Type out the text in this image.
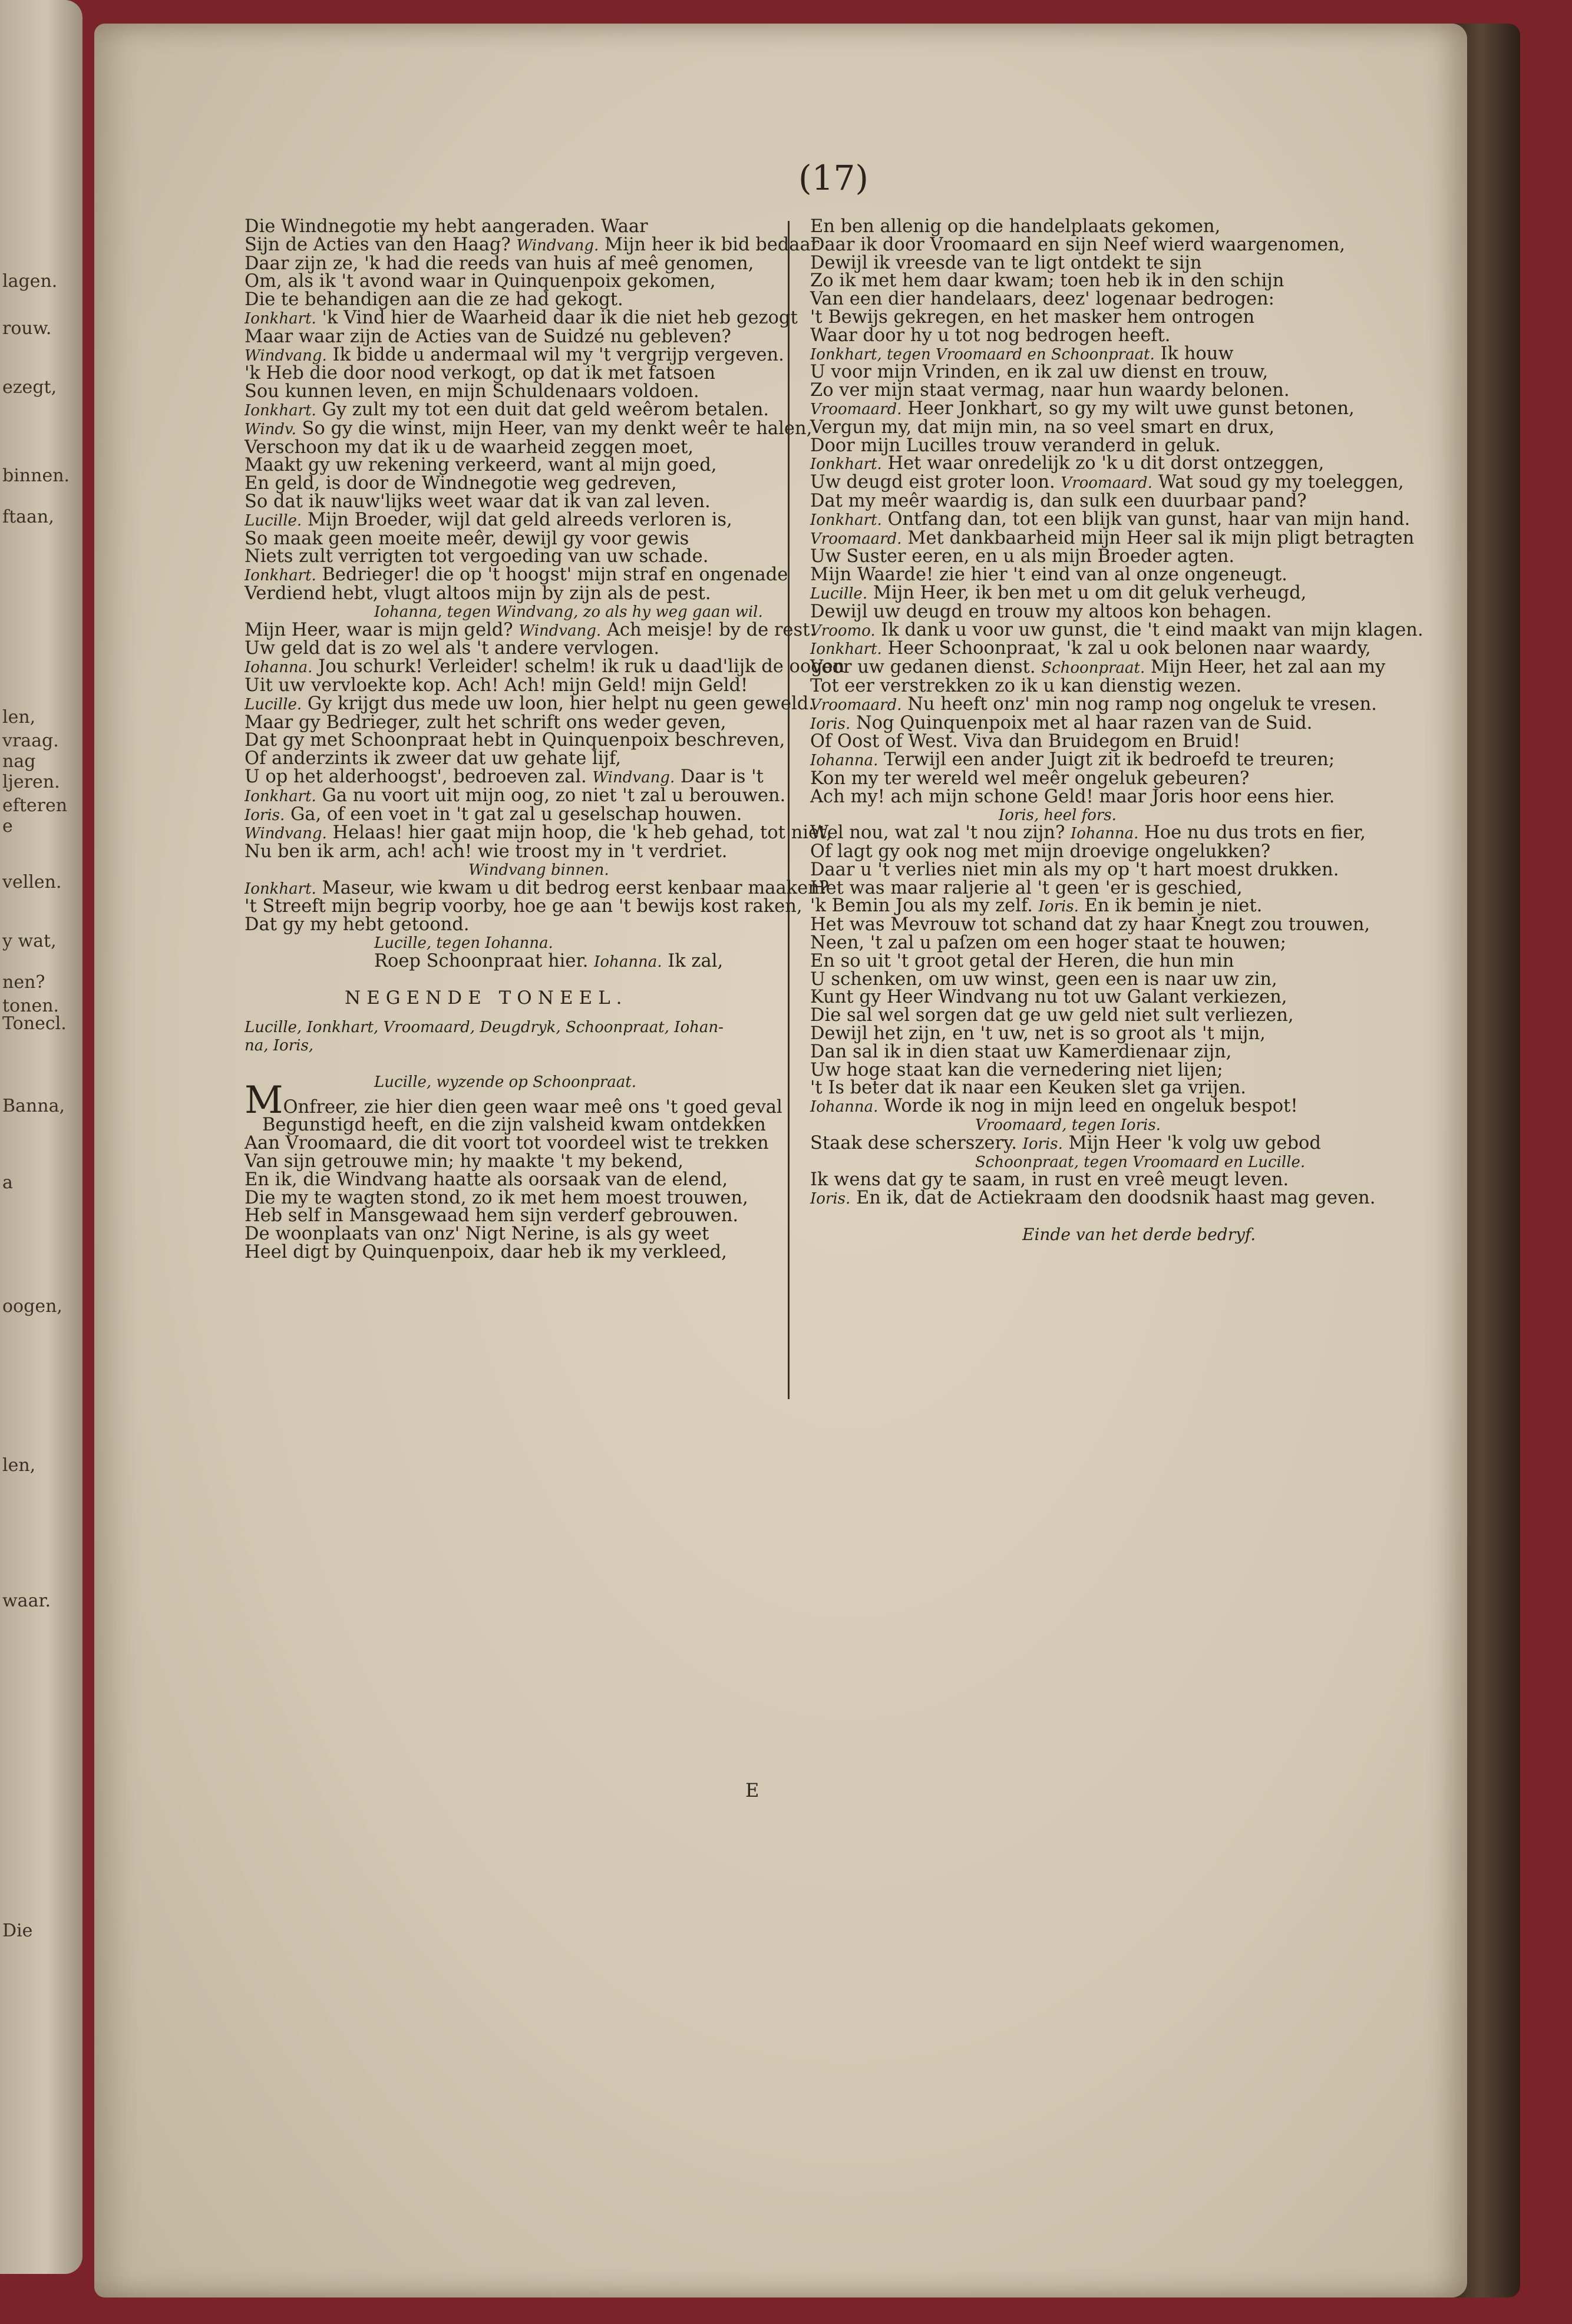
lagen.
rouw.
ezegt,
binnen.
ftaan,
len,
vraag.
nag
ljeren.
efteren
e
vellen.
y wat,
nen?
tonen.
Tonecl.
Banna,
a
oogen,
len,
waar.
Die
(17)
Die Windnegotie my hebt aangeraden. Waar
Sijn de Acties van den Haag? Windvang. Mijn heer ik bid bedaar
Daar zijn ze, 'k had die reeds van huis af meê genomen,
Om, als ik 't avond waar in Quinquenpoix gekomen,
Die te behandigen aan die ze had gekogt.
Ionkhart. 'k Vind hier de Waarheid daar ik die niet heb gezogt
Maar waar zijn de Acties van de Suidzé nu gebleven?
Windvang. Ik bidde u andermaal wil my 't vergrijp vergeven.
'k Heb die door nood verkogt, op dat ik met fatsoen
Sou kunnen leven, en mijn Schuldenaars voldoen.
Ionkhart. Gy zult my tot een duit dat geld weêrom betalen.
Windv. So gy die winst, mijn Heer, van my denkt weêr te halen,
Verschoon my dat ik u de waarheid zeggen moet,
Maakt gy uw rekening verkeerd, want al mijn goed,
En geld, is door de Windnegotie weg gedreven,
So dat ik nauw'lijks weet waar dat ik van zal leven.
Lucille. Mijn Broeder, wijl dat geld alreeds verloren is,
So maak geen moeite meêr, dewijl gy voor gewis
Niets zult verrigten tot vergoeding van uw schade.
Ionkhart. Bedrieger! die op 't hoogst' mijn straf en ongenade
Verdiend hebt, vlugt altoos mijn by zijn als de pest.
Iohanna, tegen Windvang, zo als hy weg gaan wil.
Mijn Heer, waar is mijn geld? Windvang. Ach meisje! by de rest.
Uw geld dat is zo wel als 't andere vervlogen.
Iohanna. Jou schurk! Verleider! schelm! ik ruk u daad'lijk de oogen
Uit uw vervloekte kop. Ach! Ach! mijn Geld! mijn Geld!
Lucille. Gy krijgt dus mede uw loon, hier helpt nu geen geweld.
Maar gy Bedrieger, zult het schrift ons weder geven,
Dat gy met Schoonpraat hebt in Quinquenpoix beschreven,
Of anderzints ik zweer dat uw gehate lijf,
U op het alderhoogst', bedroeven zal. Windvang. Daar is 't
Ionkhart. Ga nu voort uit mijn oog, zo niet 't zal u berouwen.
Ioris. Ga, of een voet in 't gat zal u geselschap houwen.
Windvang. Helaas! hier gaat mijn hoop, die 'k heb gehad, tot niet,
Nu ben ik arm, ach! ach! wie troost my in 't verdriet.
Windvang binnen.
Ionkhart. Maseur, wie kwam u dit bedrog eerst kenbaar maaken?
't Streeft mijn begrip voorby, hoe ge aan 't bewijs kost raken,
Dat gy my hebt getoond.
Lucille, tegen Iohanna.
Roep Schoonpraat hier. Iohanna. Ik zal,
NEGENDE TONEEL.
Lucille, Ionkhart, Vroomaard, Deugdryk, Schoonpraat, Iohan-
na, Ioris,
Lucille, wyzende op Schoonpraat.
MOnfreer, zie hier dien geen waar meê ons 't goed geval
Begunstigd heeft, en die zijn valsheid kwam ontdekken
Aan Vroomaard, die dit voort tot voordeel wist te trekken
Van sijn getrouwe min; hy maakte 't my bekend,
En ik, die Windvang haatte als oorsaak van de elend,
Die my te wagten stond, zo ik met hem moest trouwen,
Heb self in Mansgewaad hem sijn verderf gebrouwen.
De woonplaats van onz' Nigt Nerine, is als gy weet
Heel digt by Quinquenpoix, daar heb ik my verkleed,
En ben allenig op die handelplaats gekomen,
Daar ik door Vroomaard en sijn Neef wierd waargenomen,
Dewijl ik vreesde van te ligt ontdekt te sijn
Zo ik met hem daar kwam; toen heb ik in den schijn
Van een dier handelaars, deez' logenaar bedrogen:
't Bewijs gekregen, en het masker hem ontrogen
Waar door hy u tot nog bedrogen heeft.
Ionkhart, tegen Vroomaard en Schoonpraat. Ik houw
U voor mijn Vrinden, en ik zal uw dienst en trouw,
Zo ver mijn staat vermag, naar hun waardy belonen.
Vroomaard. Heer Jonkhart, so gy my wilt uwe gunst betonen,
Vergun my, dat mijn min, na so veel smart en drux,
Door mijn Lucilles trouw veranderd in geluk.
Ionkhart. Het waar onredelijk zo 'k u dit dorst ontzeggen,
Uw deugd eist groter loon. Vroomaard. Wat soud gy my toeleggen,
Dat my meêr waardig is, dan sulk een duurbaar pand?
Ionkhart. Ontfang dan, tot een blijk van gunst, haar van mijn hand.
Vroomaard. Met dankbaarheid mijn Heer sal ik mijn pligt betragten
Uw Suster eeren, en u als mijn Broeder agten.
Mijn Waarde! zie hier 't eind van al onze ongeneugt.
Lucille. Mijn Heer, ik ben met u om dit geluk verheugd,
Dewijl uw deugd en trouw my altoos kon behagen.
Vroomo. Ik dank u voor uw gunst, die 't eind maakt van mijn klagen.
Ionkhart. Heer Schoonpraat, 'k zal u ook belonen naar waardy,
Voor uw gedanen dienst. Schoonpraat. Mijn Heer, het zal aan my
Tot eer verstrekken zo ik u kan dienstig wezen.
Vroomaard. Nu heeft onz' min nog ramp nog ongeluk te vresen.
Ioris. Nog Quinquenpoix met al haar razen van de Suid.
Of Oost of West. Viva dan Bruidegom en Bruid!
Iohanna. Terwijl een ander Juigt zit ik bedroefd te treuren;
Kon my ter wereld wel meêr ongeluk gebeuren?
Ach my! ach mijn schone Geld! maar Joris hoor eens hier.
Ioris, heel fors.
Wel nou, wat zal 't nou zijn? Iohanna. Hoe nu dus trots en fier,
Of lagt gy ook nog met mijn droevige ongelukken?
Daar u 't verlies niet min als my op 't hart moest drukken.
Het was maar raljerie al 't geen 'er is geschied,
'k Bemin Jou als my zelf. Ioris. En ik bemin je niet.
Het was Mevrouw tot schand dat zy haar Knegt zou trouwen,
Neen, 't zal u paſzen om een hoger staat te houwen;
En so uit 't groot getal der Heren, die hun min
U schenken, om uw winst, geen een is naar uw zin,
Kunt gy Heer Windvang nu tot uw Galant verkiezen,
Die sal wel sorgen dat ge uw geld niet sult verliezen,
Dewijl het zijn, en 't uw, net is so groot als 't mijn,
Dan sal ik in dien staat uw Kamerdienaar zijn,
Uw hoge staat kan die vernedering niet lijen;
't Is beter dat ik naar een Keuken slet ga vrijen.
Iohanna. Worde ik nog in mijn leed en ongeluk bespot!
Vroomaard, tegen Ioris.
Staak dese scherszery. Ioris. Mijn Heer 'k volg uw gebod
Schoonpraat, tegen Vroomaard en Lucille.
Ik wens dat gy te saam, in rust en vreê meugt leven.
Ioris. En ik, dat de Actiekraam den doodsnik haast mag geven.
Einde van het derde bedryf.
E
